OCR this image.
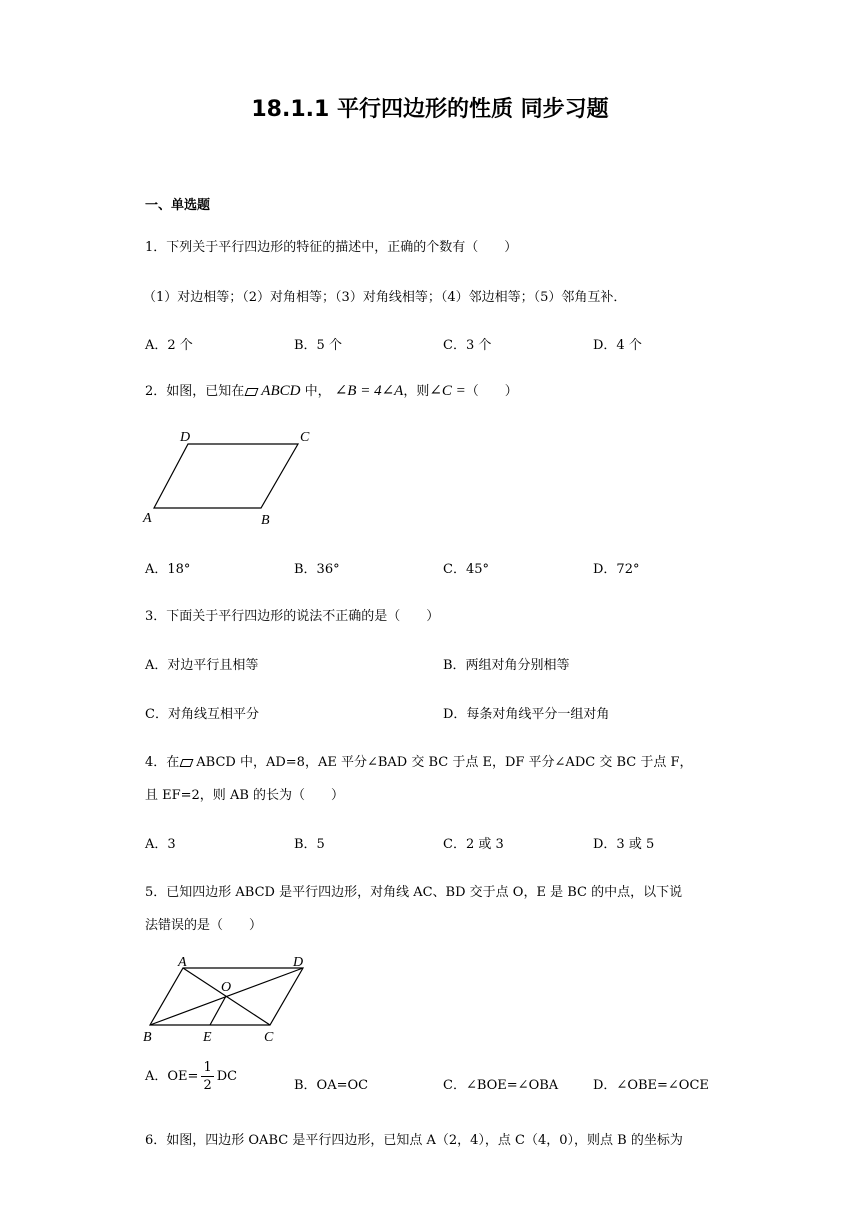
18.1.1 平行四边形的性质 同步习题
一、单选题
1．下列关于平行四边形的特征的描述中，正确的个数有（　　）
（1）对边相等；（2）对角相等；（3）对角线相等；（4）邻边相等；（5）邻角互补．
A．2 个	B．5 个	C．3 个	D．4 个
2．如图，已知在 ABCD 中， ∠B = 4∠A，则∠C =（　　）
D	C
A	B
A．18°	B．36°	C．45°	D．72°
3．下面关于平行四边形的说法不正确的是（　　）
A．对边平行且相等	B．两组对角分别相等
C．对角线互相平分	D．每条对角线平分一组对角
4．在 ABCD 中，AD=8，AE 平分∠BAD 交 BC 于点 E，DF 平分∠ADC 交 BC 于点 F，
且 EF=2，则 AB 的长为（　　）
A．3	B．5	C．2 或 3	D．3 或 5
5．已知四边形 ABCD 是平行四边形，对角线 AC、BD 交于点 O，E 是 BC 的中点，以下说
法错误的是（　　）
A	D
O
B	E	C
A．$OE= \frac{1}{2}$ DC
B．OA=OC	C．∠BOE=∠OBA	D．∠OBE=∠OCE
6．如图，四边形 OABC 是平行四边形，已知点 A（2，4），点 C（4，0），则点 B 的坐标为
